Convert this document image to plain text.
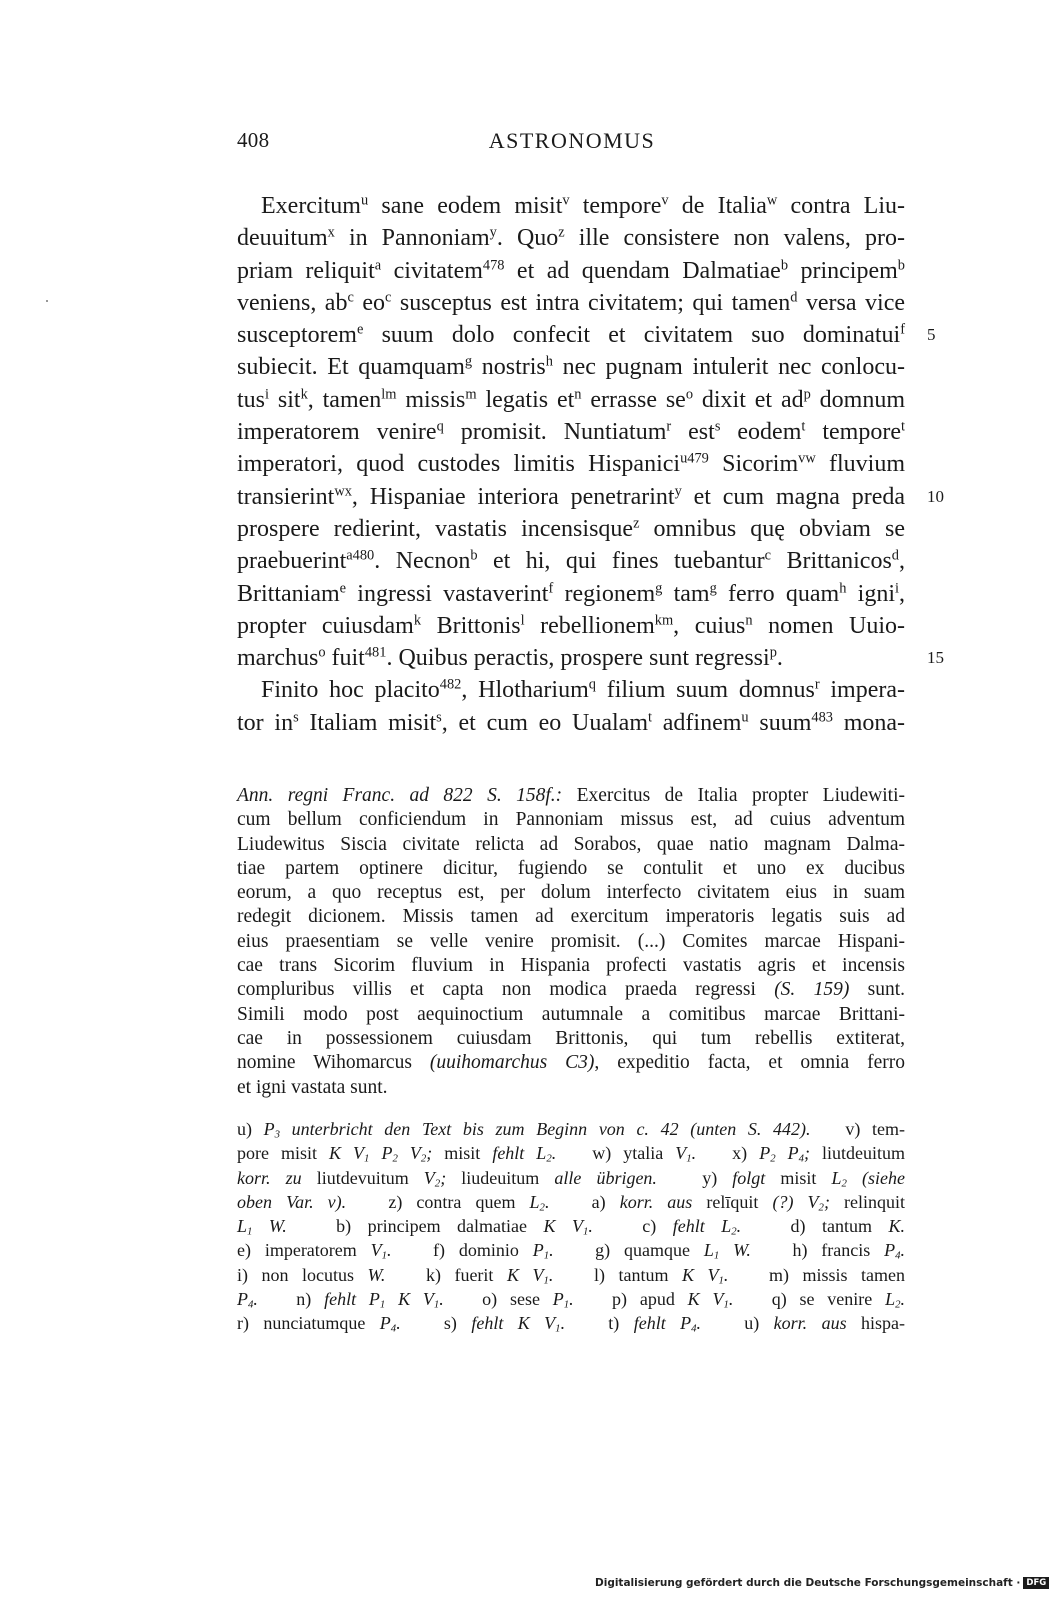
408	ASTRONOMUS
Exercitum$^u$ sane eodem misit$^v$ tempore$^v$ de Italia$^w$ contra Liu-
deuuitum$^x$ in Pannoniam$^y$. Quo$^z$ ille consistere non valens, pro-
priam reliquit$^a$ civitatem$^{478}$ et ad quendam Dalmatiae$^b$ principem$^b$
veniens, $ab^c$ $eo^c$ susceptus est intra civitatem; qui tamen$^d$ versa vice
susceptorem$^e$ suum dolo confecit et civitatem suo dominatui$^f$ 5
subiecit. Et quamquam$^g$ nostris$^h$ nec pugnam intulerit nec conlocu-
tus$^i$ sit$^k$, tamen$^{lm}$ missis$^m$ legatis $et^n$ errasse $se^o$ dixit et $ad^p$ domnum
imperatorem venire$^q$ promisit. Nuntiatum$^r$ est$^s$ eodem$^t$ tempore$^t$
imperatori, quod custodes limitis Hispanici$^{u479}$ Sicorim$^{vw}$ fluvium
transierint$^{wx}$, Hispaniae interiora penetrarint$^y$ et cum magna preda 10
prospere redierint, vastatis incensisque$^z$ omnibus quę obviam se
praebuerint$^{a480}$. Necnon$^b$ et hi, qui fines tuebantur$^c$ Brittanicos$^d$,
Brittaniam$^e$ ingressi vastaverint$^f$ regionem$^g$ tam$^g$ ferro quam$^h$ igni$^i$,
propter cuiusdam$^k$ Brittonis$^l$ rebellionem$^{km}$, cuius$^n$ nomen Uuio-
marchus$^o$ fuit$^{481}$. Quibus peractis, prospere sunt regressi$^p$.	15
Finito hoc placito$^{482}$, Hlotharium$^q$ filium suum domnus$^r$ impera-
tor $in^s$ Italiam misit$^s$, et cum eo Uualam$^t$ adfinem$^u$ suum$^{483}$ mona-
Ann. regni Franc. ad 822 S. 158f.: Exercitus de Italia propter Liudewiti-
cum bellum conficiendum in Pannoniam missus est, ad cuius adventum
Liudewitus Siscia civitate relicta ad Sorabos, quae natio magnam Dalma-
tiae partem optinere dicitur, fugiendo se contulit et uno ex ducibus
eorum, a quo receptus est, per dolum interfecto civitatem eius in suam
redegit dicionem. Missis tamen ad exercitum imperatoris legatis suis ad
eius praesentiam se velle venire promisit. (...) Comites marcae Hispani-
cae trans Sicorim fluvium in Hispania profecti vastatis agris et incensis
compluribus villis et capta non modica praeda regressi (S. 159) sunt.
Simili modo post aequinoctium autumnale a comitibus marcae Brittani-
cae in possessionem cuiusdam Brittonis, qui tum rebellis extiterat,
nomine Wihomarcus (uuihomarchus C3), expeditio facta, et omnia ferro
et igni vastata sunt.
u) P3 unterbricht den Text bis zum Beginn von c. 42 (unten S. 442).   v) tem-
pore misit K V1 P2 V2; misit fehlt L2.   w) ytalia V1.   x) P2 P4; liutdeuitum
korr. zu liutdevuitum V2; liudeuitum alle übrigen.   y) folgt misit L2 (siehe
oben Var. v).   z) contra quem L2.   a) korr. aus relīquit (?) V2; relinquit
L1 W.   b) principem dalmatiae K V1.   c) fehlt L2.   d) tantum K.
e) imperatorem V1.   f) dominio P1.   g) quamque L1 W.   h) francis P4.
i) non locutus W.   k) fuerit K V1.   l) tantum K V1.   m) missis tamen
P4.   n) fehlt P1 K V1.   o) sese P1.   p) apud K V1.   q) se venire L2.
r) nunciatumque P4.   s) fehlt K V1.   t) fehlt P4.   u) korr. aus hispa-
Digitalisierung gefördert durch die Deutsche Forschungsgemeinschaft · DFG
